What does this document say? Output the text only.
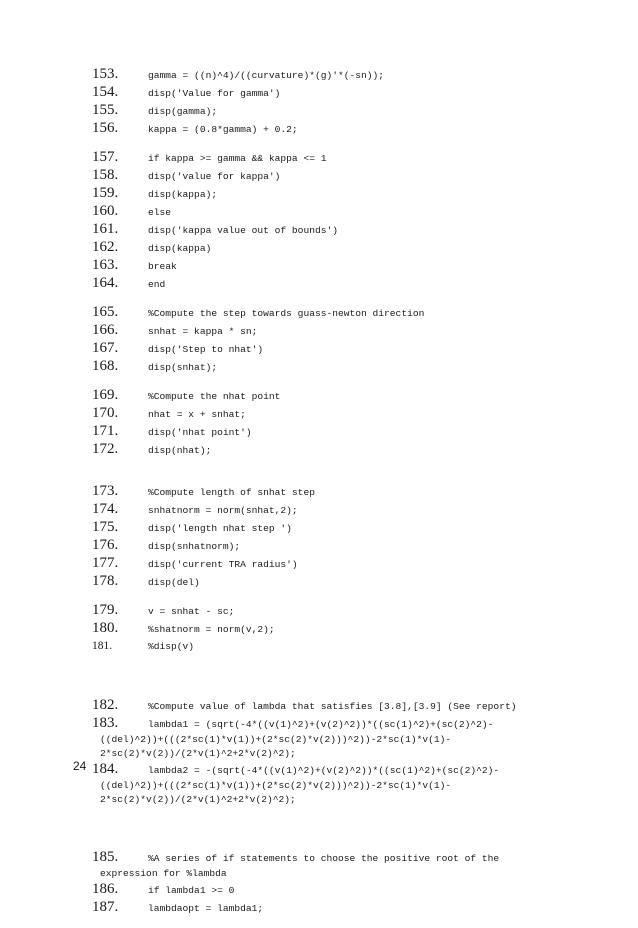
153.	gamma = ((n)^4)/((curvature)*(g)'*(-sn));
154.	disp('Value for gamma')
155.	disp(gamma);
156.	kappa = (0.8*gamma) + 0.2;
157.	if kappa >= gamma && kappa <= 1
158.	disp('value for kappa')
159.	disp(kappa);
160.	else
161.	disp('kappa value out of bounds')
162.	disp(kappa)
163.	break
164.	end
165.	%Compute the step towards guass-newton direction
166.	snhat = kappa * sn;
167.	disp('Step to nhat')
168.	disp(snhat);
169.	%Compute the nhat point
170.	nhat = x + snhat;
171.	disp('nhat point')
172.	disp(nhat);
173.	%Compute length of snhat step
174.	snhatnorm = norm(snhat,2);
175.	disp('length nhat step ')
176.	disp(snhatnorm);
177.	disp('current TRA radius')
178.	disp(del)
179.	v = snhat - sc;
180.	%shatnorm = norm(v,2);
181.	%disp(v)
182.	%Compute value of lambda that satisfies [3.8],[3.9] (See report)
183.	lambda1 = (sqrt(-4*((v(1)^2)+(v(2)^2))*((sc(1)^2)+(sc(2)^2)-
((del)^2))+(((2*sc(1)*v(1))+(2*sc(2)*v(2)))^2))-2*sc(1)*v(1)-
2*sc(2)*v(2))/(2*v(1)^2+2*v(2)^2);
184.	lambda2 = -(sqrt(-4*((v(1)^2)+(v(2)^2))*((sc(1)^2)+(sc(2)^2)-
((del)^2))+(((2*sc(1)*v(1))+(2*sc(2)*v(2)))^2))-2*sc(1)*v(1)-
2*sc(2)*v(2))/(2*v(1)^2+2*v(2)^2);
185.	%A series of if statements to choose the positive root of the
expression for %lambda
186.	if lambda1 >= 0
187.	lambdaopt = lambda1;
24
